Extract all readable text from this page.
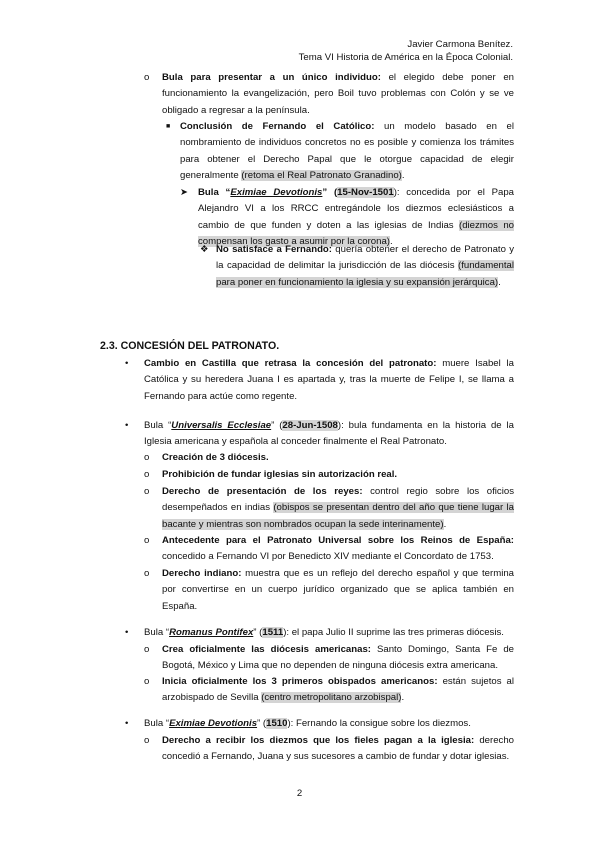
Javier Carmona Benítez.
Tema VI Historia de América en la Época Colonial.
o Bula para presentar a un único individuo: el elegido debe poner en funcionamiento la evangelización, pero Boil tuvo problemas con Colón y se ve obligado a regresar a la península.
■ Conclusión de Fernando el Católico: un modelo basado en el nombramiento de individuos concretos no es posible y comienza los trámites para obtener el Derecho Papal que le otorgue capacidad de elegir generalmente (retoma el Real Patronato Granadino).
➤ Bula “Eximiae Devotionis” (15-Nov-1501): concedida por el Papa Alejandro VI a los RRCC entregándole los diezmos eclesiásticos a cambio de que funden y doten a las iglesias de Indias (diezmos no compensan los gasto a asumir por la corona).
❖ No satisface a Fernando: quería obtener el derecho de Patronato y la capacidad de delimitar la jurisdicción de las diócesis (fundamental para poner en funcionamiento la iglesia y su expansión jerárquica).
2.3. CONCESIÓN DEL PATRONATO.
• Cambio en Castilla que retrasa la concesión del patronato: muere Isabel la Católica y su heredera Juana I es apartada y, tras la muerte de Felipe I, se llama a Fernando para actúe como regente.
• Bula “Universalis Ecclesiae” (28-Jun-1508): bula fundamenta en la historia de la Iglesia americana y española al conceder finalmente el Real Patronato.
o Creación de 3 diócesis.
o Prohibición de fundar iglesias sin autorización real.
o Derecho de presentación de los reyes: control regio sobre los oficios desempeñados en indias (obispos se presentan dentro del año que tiene lugar la bacante y mientras son nombrados ocupan la sede interinamente).
o Antecedente para el Patronato Universal sobre los Reinos de España: concedido a Fernando VI por Benedicto XIV mediante el Concordato de 1753.
o Derecho indiano: muestra que es un reflejo del derecho español y que termina por convertirse en un cuerpo jurídico organizado que se aplica también en España.
• Bula “Romanus Pontifex” (1511): el papa Julio II suprime las tres primeras diócesis.
o Crea oficialmente las diócesis americanas: Santo Domingo, Santa Fe de Bogotá, México y Lima que no dependen de ninguna diócesis extra americana.
o Inicia oficialmente los 3 primeros obispados americanos: están sujetos al arzobispado de Sevilla (centro metropolitano arzobispal).
• Bula “Eximiae Devotionis” (1510): Fernando la consigue sobre los diezmos.
o Derecho a recibir los diezmos que los fieles pagan a la iglesia: derecho concedió a Fernando, Juana y sus sucesores a cambio de fundar y dotar iglesias.
2
